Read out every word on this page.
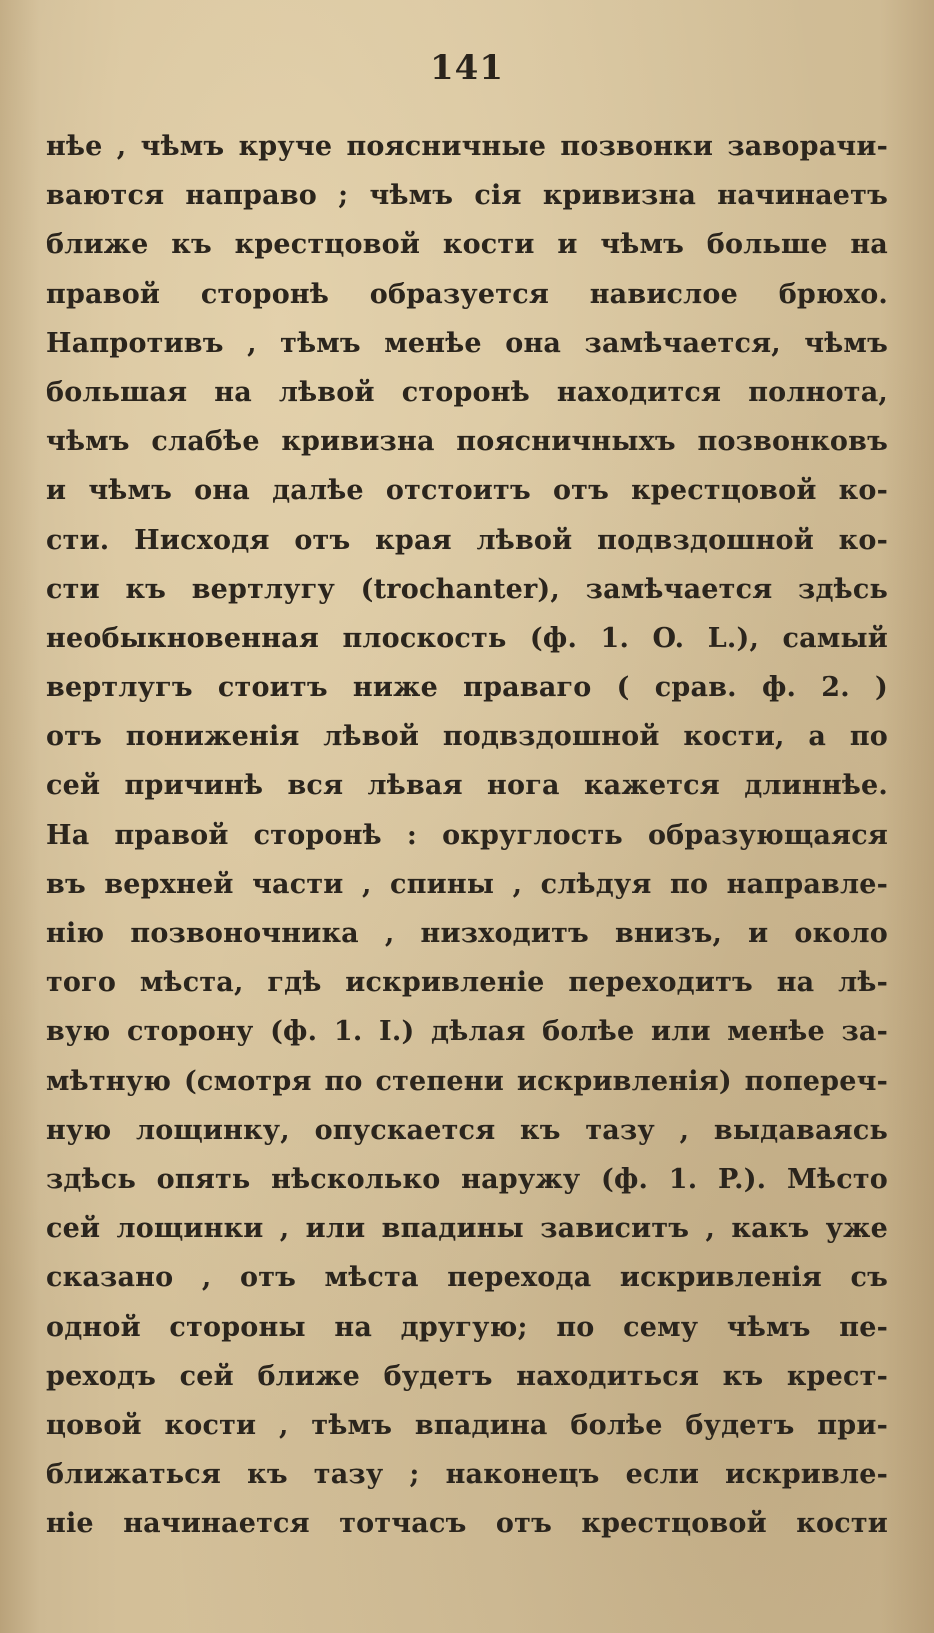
141
нѣе , чѣмъ круче поясничные позвонки заворачи-
ваются направо ; чѣмъ сія кривизна начинаетъ
ближе къ крестцовой кости и чѣмъ больше на
правой сторонѣ образуется навислое брюхо.
Напротивъ , тѣмъ менѣе она замѣчается, чѣмъ
большая на лѣвой сторонѣ находится полнота,
чѣмъ слабѣе кривизна поясничныхъ позвонковъ
и чѣмъ она далѣе отстоитъ отъ крестцовой ко-
сти. Нисходя отъ края лѣвой подвздошной ко-
сти къ вертлугу (trochanter), замѣчается здѣсь
необыкновенная плоскость (ф. 1. O. L.), самый
вертлугъ стоитъ ниже праваго ( срав. ф. 2. )
отъ пониженія лѣвой подвздошной кости, а по
сей причинѣ вся лѣвая нога кажется длиннѣе.
На правой сторонѣ : округлость образующаяся
въ верхней части , спины , слѣдуя по направле-
нію позвоночника , низходитъ внизъ, и около
того мѣста, гдѣ искривленіе переходитъ на лѣ-
вую сторону (ф. 1. I.) дѣлая болѣе или менѣе за-
мѣтную (смотря по степени искривленія) попереч-
ную лощинку, опускается къ тазу , выдаваясь
здѣсь опять нѣсколько наружу (ф. 1. P.). Мѣсто
сей лощинки , или впадины зависитъ , какъ уже
сказано , отъ мѣста перехода искривленія съ
одной стороны на другую; по сему чѣмъ пе-
реходъ сей ближе будетъ находиться къ крест-
цовой кости , тѣмъ впадина болѣе будетъ при-
ближаться къ тазу ; наконецъ если искривле-
ніе начинается тотчасъ отъ крестцовой кости
